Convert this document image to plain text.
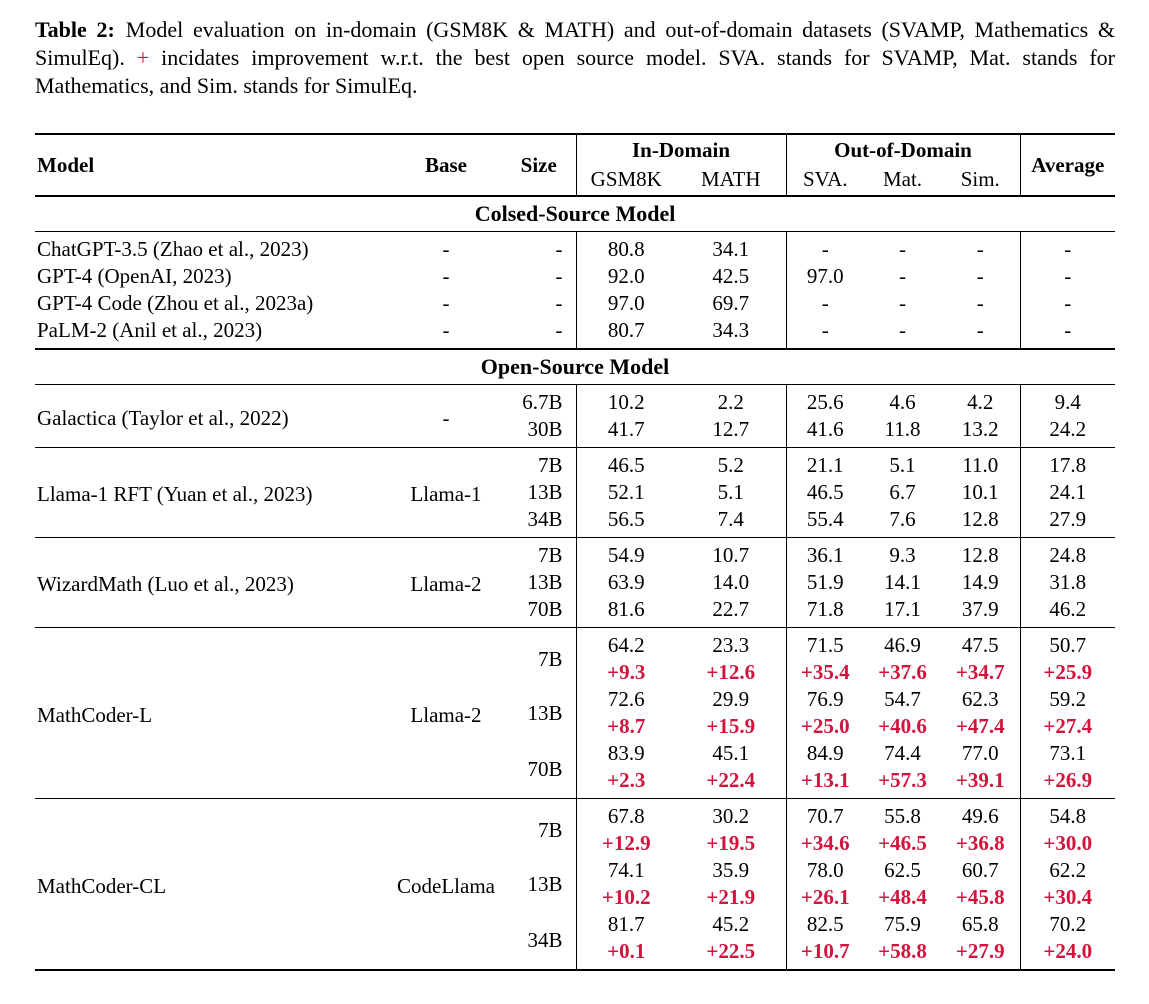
Table 2:  Model evaluation on in-domain (GSM8K & MATH) and out-of-domain datasets (SVAMP, Mathematics & SimulEq). + incidates improvement w.r.t. the best open source model. SVA. stands for SVAMP, Mat. stands for Mathematics, and Sim. stands for SimulEq.

Model	Base	Size	In-Domain		Out-of-Domain			Average
			GSM8K	MATH	SVA.	Mat.	Sim.	
Colsed-Source Model								
ChatGPT-3.5 (Zhao et al., 2023)	-	-	80.8	34.1	-	-	-	-
GPT-4 (OpenAI, 2023)	-	-	92.0	42.5	97.0	-	-	-
GPT-4 Code (Zhou et al., 2023a)	-	-	97.0	69.7	-	-	-	-
PaLM-2 (Anil et al., 2023)	-	-	80.7	34.3	-	-	-	-
Open-Source Model								
Galactica (Taylor et al., 2022)	-	6.7B	10.2	2.2	25.6	4.6	4.2	9.4
		30B	41.7	12.7	41.6	11.8	13.2	24.2
Llama-1 RFT (Yuan et al., 2023)	Llama-1	7B	46.5	5.2	21.1	5.1	11.0	17.8
		13B	52.1	5.1	46.5	6.7	10.1	24.1
		34B	56.5	7.4	55.4	7.6	12.8	27.9
WizardMath (Luo et al., 2023)	Llama-2	7B	54.9	10.7	36.1	9.3	12.8	24.8
		13B	63.9	14.0	51.9	14.1	14.9	31.8
		70B	81.6	22.7	71.8	17.1	37.9	46.2
MathCoder-L	Llama-2	7B	64.2	23.3	71.5	46.9	47.5	50.7
			+9.3	+12.6	+35.4	+37.6	+34.7	+25.9
		13B	72.6	29.9	76.9	54.7	62.3	59.2
			+8.7	+15.9	+25.0	+40.6	+47.4	+27.4
		70B	83.9	45.1	84.9	74.4	77.0	73.1
			+2.3	+22.4	+13.1	+57.3	+39.1	+26.9
MathCoder-CL	CodeLlama	7B	67.8	30.2	70.7	55.8	49.6	54.8
			+12.9	+19.5	+34.6	+46.5	+36.8	+30.0
		13B	74.1	35.9	78.0	62.5	60.7	62.2
			+10.2	+21.9	+26.1	+48.4	+45.8	+30.4
		34B	81.7	45.2	82.5	75.9	65.8	70.2
			+0.1	+22.5	+10.7	+58.8	+27.9	+24.0
